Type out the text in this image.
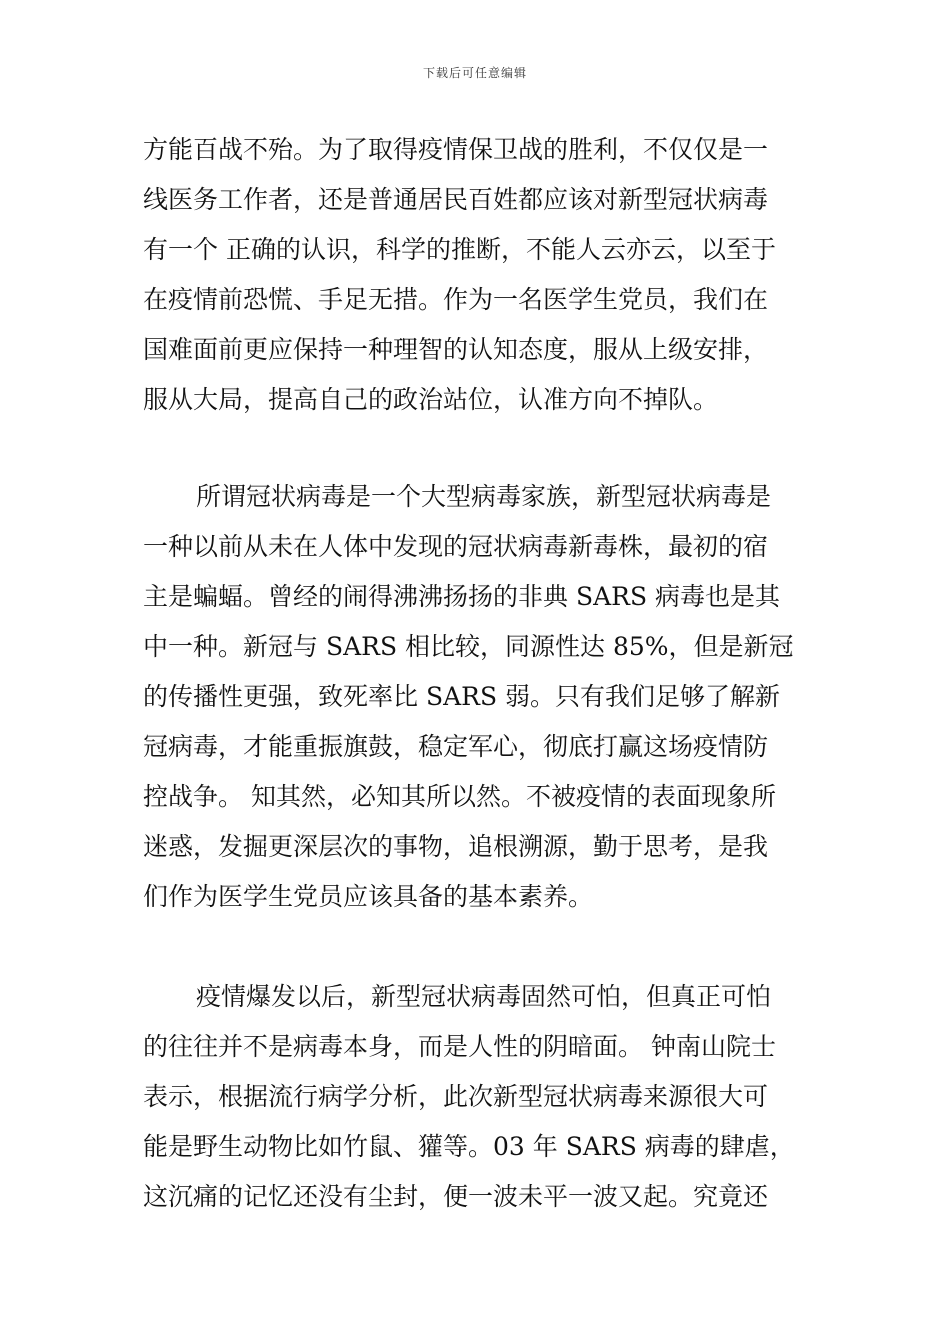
下载后可任意编辑
方能百战不殆。为了取得疫情保卫战的胜利，不仅仅是一
线医务工作者，还是普通居民百姓都应该对新型冠状病毒
有一个 正确的认识，科学的推断，不能人云亦云，以至于
在疫情前恐慌、手足无措。作为一名医学生党员，我们在
国难面前更应保持一种理智的认知态度，服从上级安排，
服从大局，提高自己的政治站位，认准方向不掉队。
所谓冠状病毒是一个大型病毒家族，新型冠状病毒是
一种以前从未在人体中发现的冠状病毒新毒株，最初的宿
主是蝙蝠。曾经的闹得沸沸扬扬的非典 SARS 病毒也是其
中一种。新冠与 SARS 相比较，同源性达 85%，但是新冠
的传播性更强，致死率比 SARS 弱。只有我们足够了解新
冠病毒，才能重振旗鼓，稳定军心，彻底打赢这场疫情防
控战争。 知其然，必知其所以然。不被疫情的表面现象所
迷惑，发掘更深层次的事物，追根溯源，勤于思考，是我
们作为医学生党员应该具备的基本素养。
疫情爆发以后，新型冠状病毒固然可怕，但真正可怕
的往往并不是病毒本身，而是人性的阴暗面。 钟南山院士
表示，根据流行病学分析，此次新型冠状病毒来源很大可
能是野生动物比如竹鼠、獾等。03 年 SARS 病毒的肆虐，
这沉痛的记忆还没有尘封，便一波未平一波又起。究竟还
